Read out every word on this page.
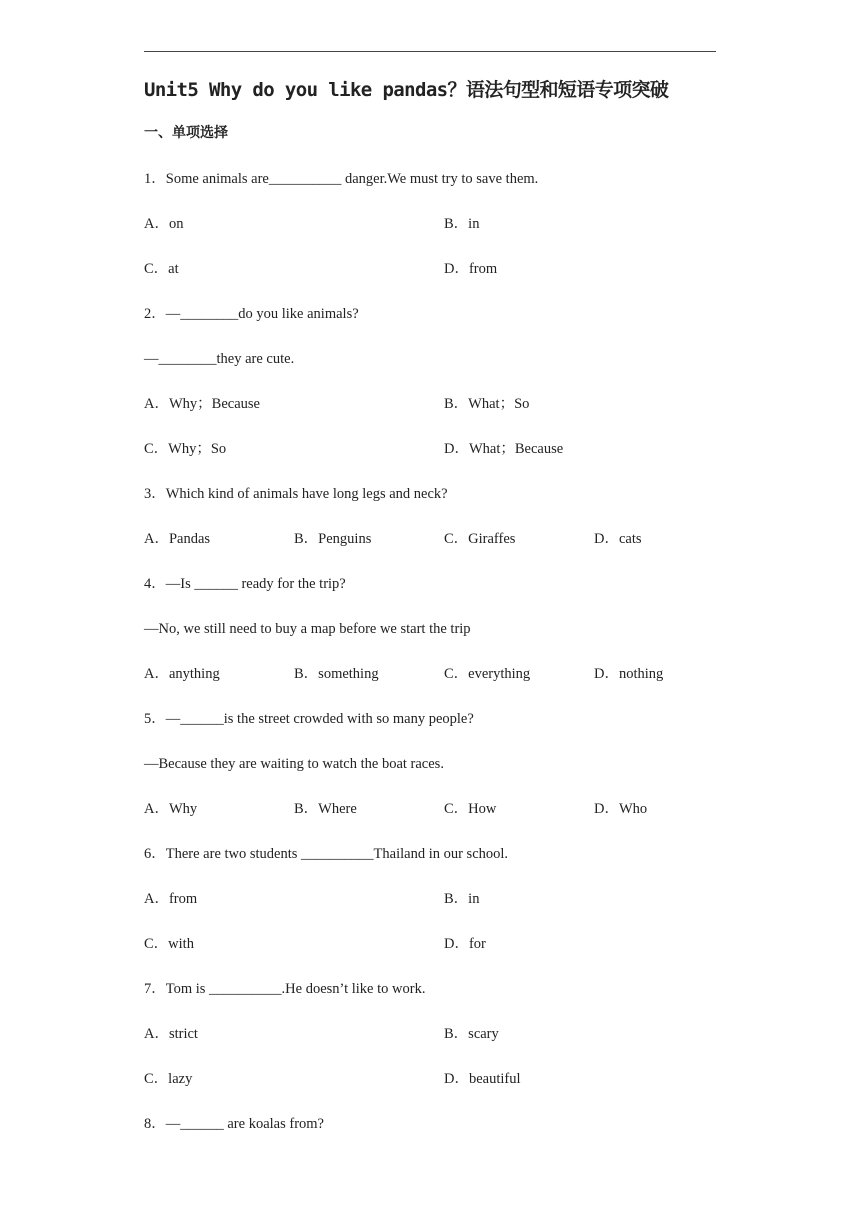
Unit5 Why do you like pandas？语法句型和短语专项突破
一、单项选择
1．Some animals are__________ danger.We must try to save them.
A．on	B．in
C．at	D．from
2．—________do you like animals?
—________they are cute.
A．Why；Because	B．What；So
C．Why；So	D．What；Because
3．Which kind of animals have long legs and neck?
A．Pandas	B．Penguins	C．Giraffes	D．cats
4．—Is ______ ready for the trip?
—No, we still need to buy a map before we start the trip
A．anything	B．something	C．everything	D．nothing
5．—______is the street crowded with so many people?
—Because they are waiting to watch the boat races.
A．Why	B．Where	C．How	D．Who
6．There are two students __________Thailand in our school.
A．from	B．in
C．with	D．for
7．Tom is __________.He doesn’t like to work.
A．strict	B．scary
C．lazy	D．beautiful
8．—______ are koalas from?
